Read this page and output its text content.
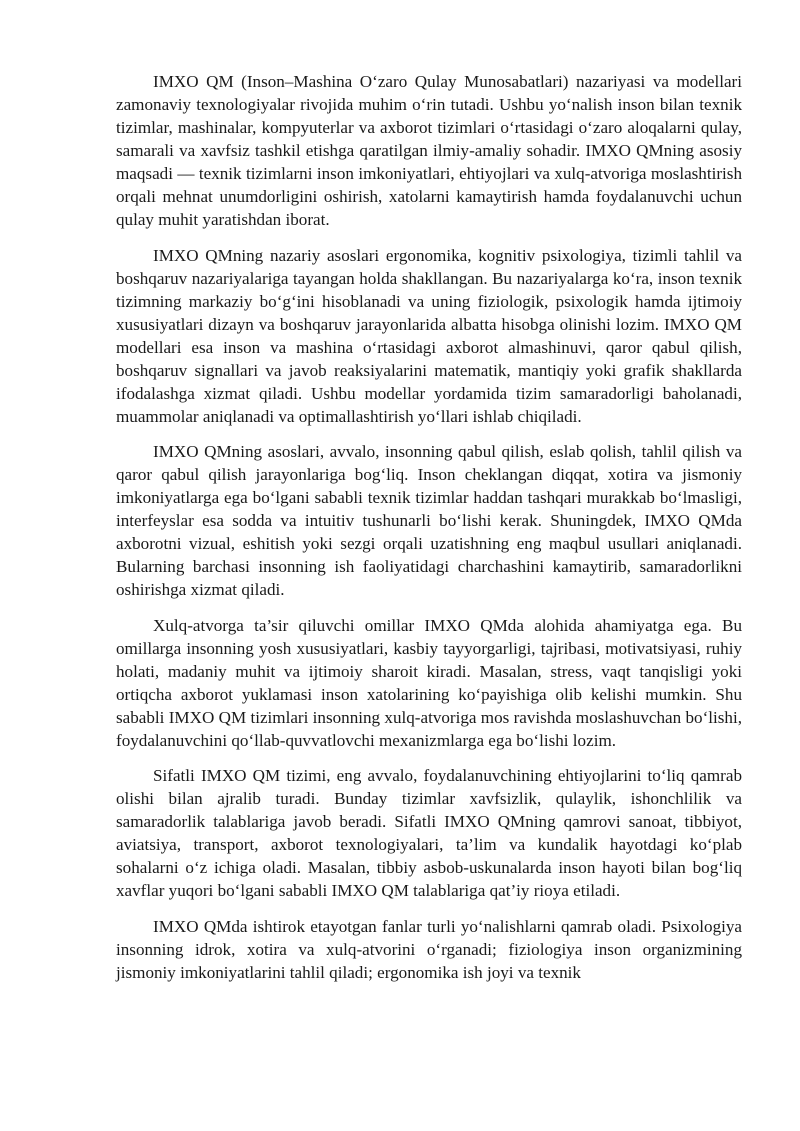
IMXO QM (Inson–Mashina O‘zaro Qulay Munosabatlari) nazariyasi va modellari zamonaviy texnologiyalar rivojida muhim o‘rin tutadi. Ushbu yo‘nalish inson bilan texnik tizimlar, mashinalar, kompyuterlar va axborot tizimlari o‘rtasidagi o‘zaro aloqalarni qulay, samarali va xavfsiz tashkil etishga qaratilgan ilmiy-amaliy sohadir. IMXO QMning asosiy maqsadi — texnik tizimlarni inson imkoniyatlari, ehtiyojlari va xulq-atvoriga moslashtirish orqali mehnat unumdorligini oshirish, xatolarni kamaytirish hamda foydalanuvchi uchun qulay muhit yaratishdan iborat.

IMXO QMning nazariy asoslari ergonomika, kognitiv psixologiya, tizimli tahlil va boshqaruv nazariyalariga tayangan holda shakllangan. Bu nazariyalarga ko‘ra, inson texnik tizimning markaziy bo‘g‘ini hisoblanadi va uning fiziologik, psixologik hamda ijtimoiy xususiyatlari dizayn va boshqaruv jarayonlarida albatta hisobga olinishi lozim. IMXO QM modellari esa inson va mashina o‘rtasidagi axborot almashinuvi, qaror qabul qilish, boshqaruv signallari va javob reaksiyalarini matematik, mantiqiy yoki grafik shakllarda ifodalashga xizmat qiladi. Ushbu modellar yordamida tizim samaradorligi baholanadi, muammolar aniqlanadi va optimallashtirish yo‘llari ishlab chiqiladi.

IMXO QMning asoslari, avvalo, insonning qabul qilish, eslab qolish, tahlil qilish va qaror qabul qilish jarayonlariga bog‘liq. Inson cheklangan diqqat, xotira va jismoniy imkoniyatlarga ega bo‘lgani sababli texnik tizimlar haddan tashqari murakkab bo‘lmasligi, interfeyslar esa sodda va intuitiv tushunarli bo‘lishi kerak. Shuningdek, IMXO QMda axborotni vizual, eshitish yoki sezgi orqali uzatishning eng maqbul usullari aniqlanadi. Bularning barchasi insonning ish faoliyatidagi charchashini kamaytirib, samaradorlikni oshirishga xizmat qiladi.

Xulq-atvorga ta’sir qiluvchi omillar IMXO QMda alohida ahamiyatga ega. Bu omillarga insonning yosh xususiyatlari, kasbiy tayyorgarligi, tajribasi, motivatsiyasi, ruhiy holati, madaniy muhit va ijtimoiy sharoit kiradi. Masalan, stress, vaqt tanqisligi yoki ortiqcha axborot yuklamasi inson xatolarining ko‘payishiga olib kelishi mumkin. Shu sababli IMXO QM tizimlari insonning xulq-atvoriga mos ravishda moslashuvchan bo‘lishi, foydalanuvchini qo‘llab-quvvatlovchi mexanizmlarga ega bo‘lishi lozim.

Sifatli IMXO QM tizimi, eng avvalo, foydalanuvchining ehtiyojlarini to‘liq qamrab olishi bilan ajralib turadi. Bunday tizimlar xavfsizlik, qulaylik, ishonchlilik va samaradorlik talablariga javob beradi. Sifatli IMXO QMning qamrovi sanoat, tibbiyot, aviatsiya, transport, axborot texnologiyalari, ta’lim va kundalik hayotdagi ko‘plab sohalarni o‘z ichiga oladi. Masalan, tibbiy asbob-uskunalarda inson hayoti bilan bog‘liq xavflar yuqori bo‘lgani sababli IMXO QM talablariga qat’iy rioya etiladi.

IMXO QMda ishtirok etayotgan fanlar turli yo‘nalishlarni qamrab oladi. Psixologiya insonning idrok, xotira va xulq-atvorini o‘rganadi; fiziologiya inson organizmining jismoniy imkoniyatlarini tahlil qiladi; ergonomika ish joyi va texnik
